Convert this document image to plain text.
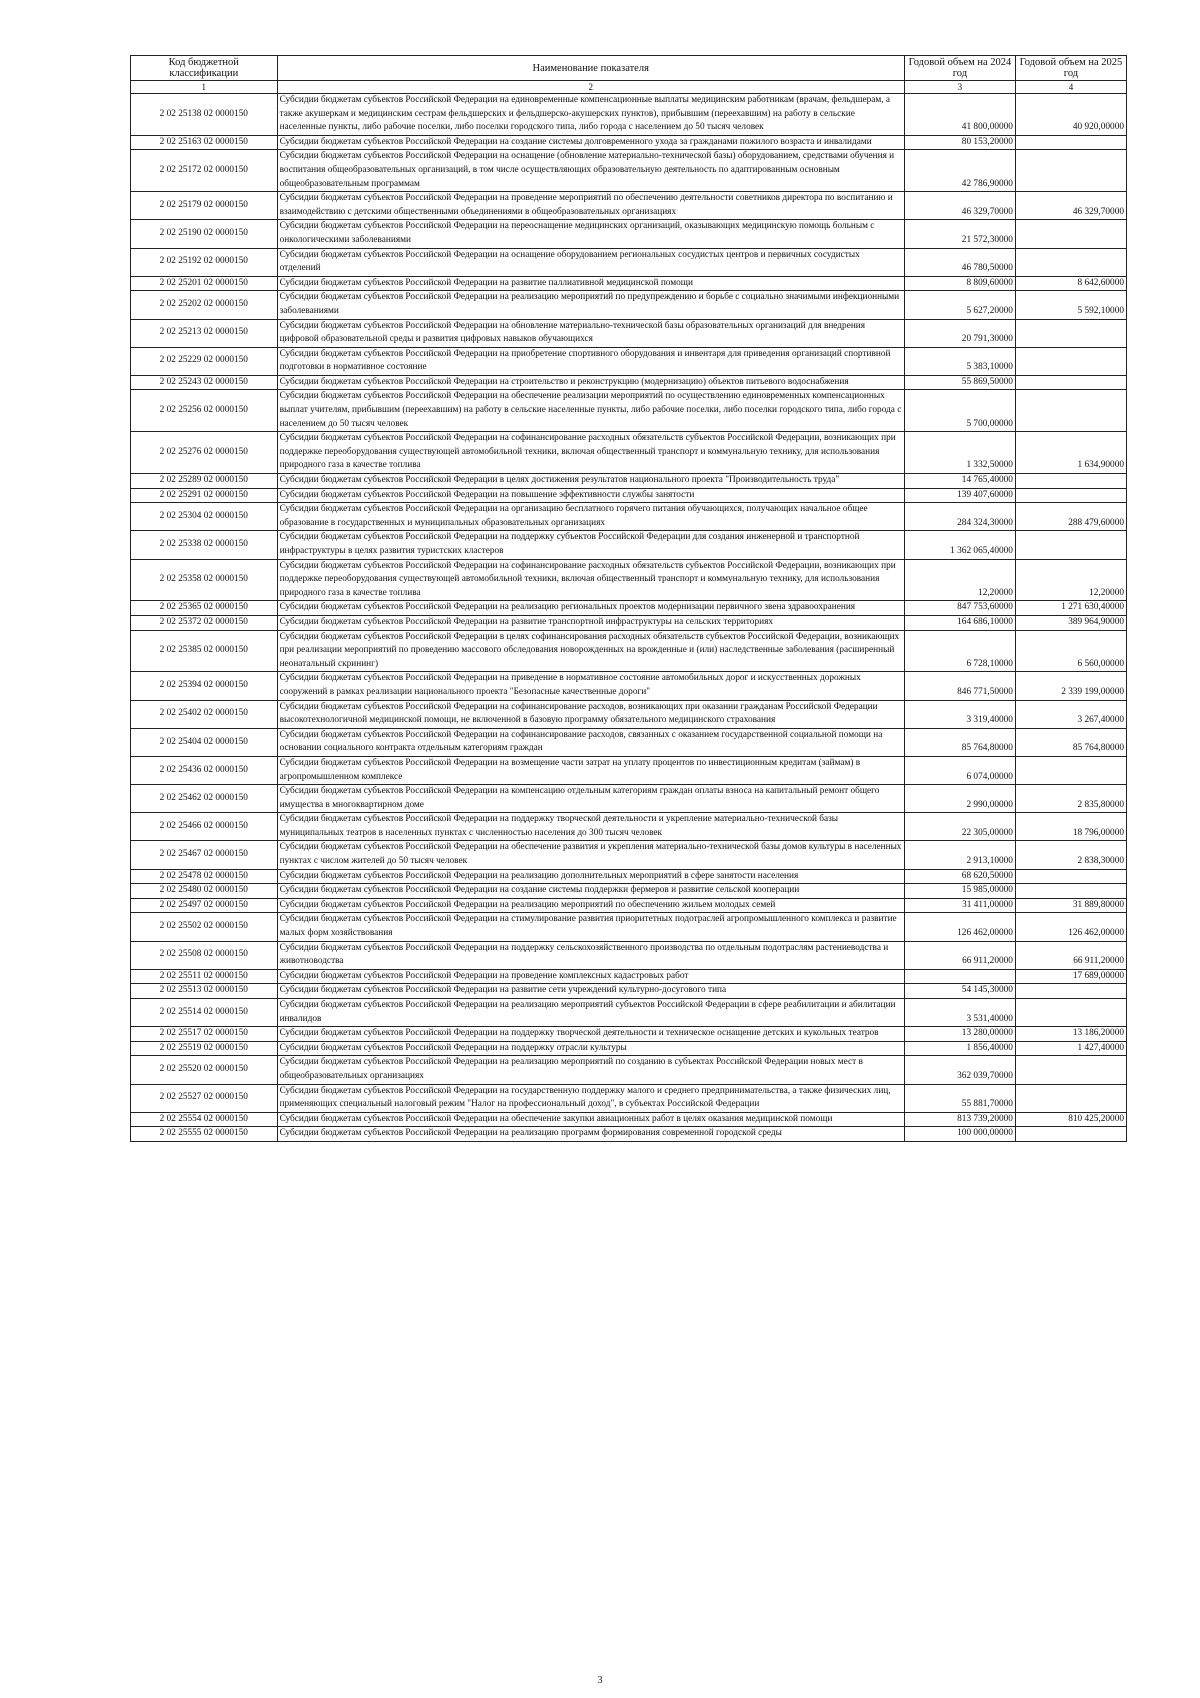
Код бюджетной классификации	Наименование показателя	Годовой объем на 2024 год	Годовой объем на 2025 год
1	2	3	4
2 02 25138 02 0000150	Субсидии бюджетам субъектов Российской Федерации на единовременные компенсационные выплаты медицинским работникам (врачам, фельдшерам, а также акушеркам и медицинским сестрам фельдшерских и фельдшерско-акушерских пунктов), прибывшим (переехавшим) на работу в сельские населенные пункты, либо рабочие поселки, либо поселки городского типа, либо города с населением до 50 тысяч человек	41 800,00000	40 920,00000
2 02 25163 02 0000150	Субсидии бюджетам субъектов Российской Федерации на создание системы долговременного ухода за гражданами пожилого возраста и инвалидами	80 153,20000	
2 02 25172 02 0000150	Субсидии бюджетам субъектов Российской Федерации на оснащение (обновление материально-технической базы) оборудованием, средствами обучения и воспитания общеобразовательных организаций, в том числе осуществляющих образовательную деятельность по адаптированным основным общеобразовательным программам	42 786,90000	
2 02 25179 02 0000150	Субсидии бюджетам субъектов Российской Федерации на проведение мероприятий по обеспечению деятельности советников директора по воспитанию и взаимодействию с детскими общественными объединениями в общеобразовательных организациях	46 329,70000	46 329,70000
2 02 25190 02 0000150	Субсидии бюджетам субъектов Российской Федерации на переоснащение медицинских организаций, оказывающих медицинскую помощь больным с онкологическими заболеваниями	21 572,30000	
2 02 25192 02 0000150	Субсидии бюджетам субъектов Российской Федерации на оснащение оборудованием региональных сосудистых центров и первичных сосудистых отделений	46 780,50000	
2 02 25201 02 0000150	Субсидии бюджетам субъектов Российской Федерации на развитие паллиативной медицинской помощи	8 809,60000	8 642,60000
2 02 25202 02 0000150	Субсидии бюджетам субъектов Российской Федерации на реализацию мероприятий по предупреждению и борьбе с социально значимыми инфекционными заболеваниями	5 627,20000	5 592,10000
2 02 25213 02 0000150	Субсидии бюджетам субъектов Российской Федерации на обновление материально-технической базы образовательных организаций для внедрения цифровой образовательной среды и развития цифровых навыков обучающихся	20 791,30000	
2 02 25229 02 0000150	Субсидии бюджетам субъектов Российской Федерации на приобретение спортивного оборудования и инвентаря для приведения организаций спортивной подготовки в нормативное состояние	5 383,10000	
2 02 25243 02 0000150	Субсидии бюджетам субъектов Российской Федерации на строительство и реконструкцию (модернизацию) объектов питьевого водоснабжения	55 869,50000	
2 02 25256 02 0000150	Субсидии бюджетам субъектов Российской Федерации на обеспечение реализации мероприятий по осуществлению единовременных компенсационных выплат учителям, прибывшим (переехавшим) на работу в сельские населенные пункты, либо рабочие поселки, либо поселки городского типа, либо города с населением до 50 тысяч человек	5 700,00000	
2 02 25276 02 0000150	Субсидии бюджетам субъектов Российской Федерации на софинансирование расходных обязательств субъектов Российской Федерации, возникающих при поддержке переоборудования существующей автомобильной техники, включая общественный транспорт и коммунальную технику, для использования природного газа в качестве топлива	1 332,50000	1 634,90000
2 02 25289 02 0000150	Субсидии бюджетам субъектов Российской Федерации в целях достижения результатов национального проекта "Производительность труда"	14 765,40000	
2 02 25291 02 0000150	Субсидии бюджетам субъектов Российской Федерации на повышение эффективности службы занятости	139 407,60000	
2 02 25304 02 0000150	Субсидии бюджетам субъектов Российской Федерации на организацию бесплатного горячего питания обучающихся, получающих начальное общее образование в государственных и муниципальных образовательных организациях	284 324,30000	288 479,60000
2 02 25338 02 0000150	Субсидии бюджетам субъектов Российской Федерации на поддержку субъектов Российской Федерации для создания инженерной и транспортной инфраструктуры в целях развития туристских кластеров	1 362 065,40000	
2 02 25358 02 0000150	Субсидии бюджетам субъектов Российской Федерации на софинансирование расходных обязательств субъектов Российской Федерации, возникающих при поддержке переоборудования существующей автомобильной техники, включая общественный транспорт и коммунальную технику, для использования природного газа в качестве топлива	12,20000	12,20000
2 02 25365 02 0000150	Субсидии бюджетам субъектов Российской Федерации на реализацию региональных проектов модернизации первичного звена здравоохранения	847 753,60000	1 271 630,40000
2 02 25372 02 0000150	Субсидии бюджетам субъектов Российской Федерации на развитие транспортной инфраструктуры на сельских территориях	164 686,10000	389 964,90000
2 02 25385 02 0000150	Субсидии бюджетам субъектов Российской Федерации в целях софинансирования расходных обязательств субъектов Российской Федерации, возникающих при реализации мероприятий по проведению массового обследования новорожденных на врожденные и (или) наследственные заболевания (расширенный неонатальный скрининг)	6 728,10000	6 560,00000
2 02 25394 02 0000150	Субсидии бюджетам субъектов Российской Федерации на приведение в нормативное состояние автомобильных дорог и искусственных дорожных сооружений в рамках реализации национального проекта "Безопасные качественные дороги"	846 771,50000	2 339 199,00000
2 02 25402 02 0000150	Субсидии бюджетам субъектов Российской Федерации на софинансирование расходов, возникающих при оказании гражданам Российской Федерации высокотехнологичной медицинской помощи, не включенной в базовую программу обязательного медицинского страхования	3 319,40000	3 267,40000
2 02 25404 02 0000150	Субсидии бюджетам субъектов Российской Федерации на софинансирование расходов, связанных с оказанием государственной социальной помощи на основании социального контракта отдельным категориям граждан	85 764,80000	85 764,80000
2 02 25436 02 0000150	Субсидии бюджетам субъектов Российской Федерации на возмещение части затрат на уплату процентов по инвестиционным кредитам (займам) в агропромышленном комплексе	6 074,00000	
2 02 25462 02 0000150	Субсидии бюджетам субъектов Российской Федерации на компенсацию отдельным категориям граждан оплаты взноса на капитальный ремонт общего имущества в многоквартирном доме	2 990,00000	2 835,80000
2 02 25466 02 0000150	Субсидии бюджетам субъектов Российской Федерации на поддержку творческой деятельности и укрепление материально-технической базы муниципальных театров в населенных пунктах с численностью населения до 300 тысяч человек	22 305,00000	18 796,00000
2 02 25467 02 0000150	Субсидии бюджетам субъектов Российской Федерации на обеспечение развития и укрепления материально-технической базы домов культуры в населенных пунктах с числом жителей до 50 тысяч человек	2 913,10000	2 838,30000
2 02 25478 02 0000150	Субсидии бюджетам субъектов Российской Федерации на реализацию дополнительных мероприятий в сфере занятости населения	68 620,50000	
2 02 25480 02 0000150	Субсидии бюджетам субъектов Российской Федерации на создание системы поддержки фермеров и развитие сельской кооперации	15 985,00000	
2 02 25497 02 0000150	Субсидии бюджетам субъектов Российской Федерации на реализацию мероприятий по обеспечению жильем молодых семей	31 411,00000	31 889,80000
2 02 25502 02 0000150	Субсидии бюджетам субъектов Российской Федерации на стимулирование развития приоритетных подотраслей агропромышленного комплекса и развитие малых форм хозяйствования	126 462,00000	126 462,00000
2 02 25508 02 0000150	Субсидии бюджетам субъектов Российской Федерации на поддержку сельскохозяйственного производства по отдельным подотраслям растениеводства и животноводства	66 911,20000	66 911,20000
2 02 25511 02 0000150	Субсидии бюджетам субъектов Российской Федерации на проведение комплексных кадастровых работ		17 689,00000
2 02 25513 02 0000150	Субсидии бюджетам субъектов Российской Федерации на развитие сети учреждений культурно-досугового типа	54 145,30000	
2 02 25514 02 0000150	Субсидии бюджетам субъектов Российской Федерации на реализацию мероприятий субъектов Российской Федерации в сфере реабилитации и абилитации инвалидов	3 531,40000	
2 02 25517 02 0000150	Субсидии бюджетам субъектов Российской Федерации на поддержку творческой деятельности и техническое оснащение детских и кукольных театров	13 280,00000	13 186,20000
2 02 25519 02 0000150	Субсидии бюджетам субъектов Российской Федерации на поддержку отрасли культуры	1 856,40000	1 427,40000
2 02 25520 02 0000150	Субсидии бюджетам субъектов Российской Федерации на реализацию мероприятий по созданию в субъектах Российской Федерации новых мест в общеобразовательных организациях	362 039,70000	
2 02 25527 02 0000150	Субсидии бюджетам субъектов Российской Федерации на государственную поддержку малого и среднего предпринимательства, а также физических лиц, применяющих специальный налоговый режим "Налог на профессиональный доход", в субъектах Российской Федерации	55 881,70000	
2 02 25554 02 0000150	Субсидии бюджетам субъектов Российской Федерации на обеспечение закупки авиационных работ в целях оказания медицинской помощи	813 739,20000	810 425,20000
2 02 25555 02 0000150	Субсидии бюджетам субъектов Российской Федерации на реализацию программ формирования современной городской среды	100 000,00000	
3
